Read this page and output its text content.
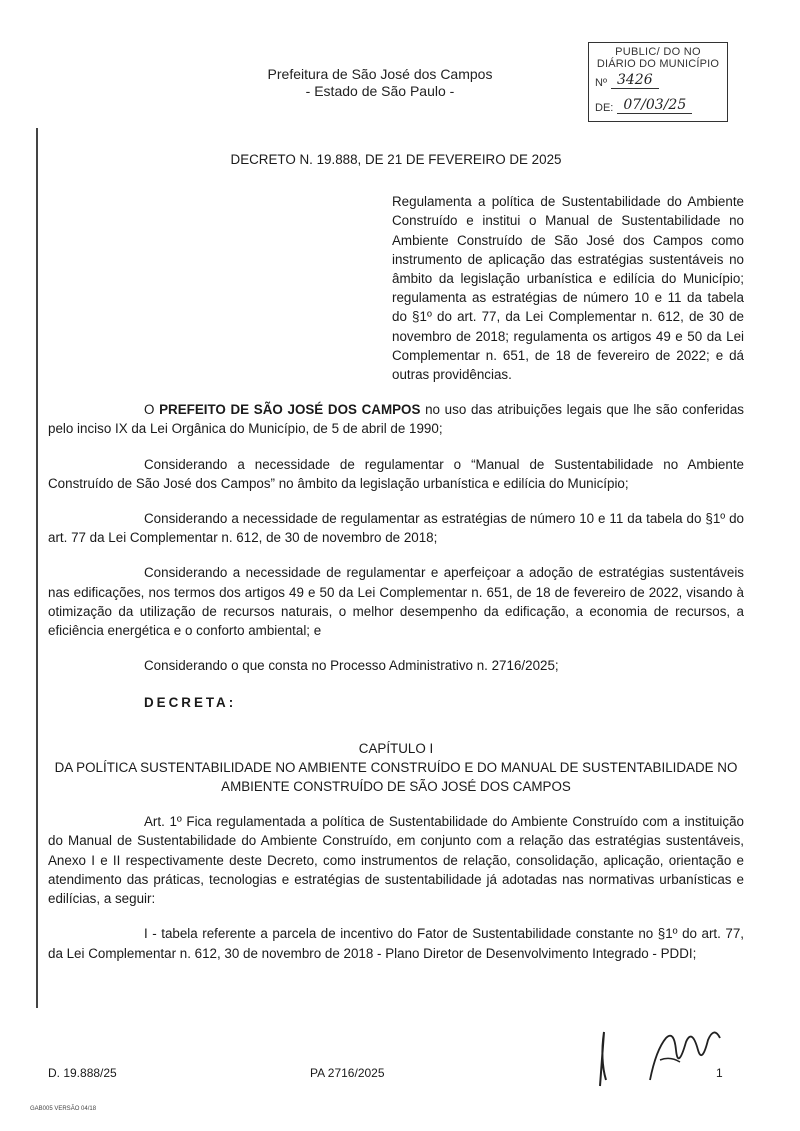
Prefeitura de São José dos Campos
- Estado de São Paulo -
PUBLIC/ DO NO
DIÁRIO DO MUNICÍPIO
Nº 3426
DE: 07/03/25

DECRETO N. 19.888, DE 21 DE FEVEREIRO DE 2025

Regulamenta a política de Sustentabilidade do Ambiente Construído e institui o Manual de Sustentabilidade no Ambiente Construído de São José dos Campos como instrumento de aplicação das estratégias sustentáveis no âmbito da legislação urbanística e edilícia do Município; regulamenta as estratégias de número 10 e 11 da tabela do §1º do art. 77, da Lei Complementar n. 612, de 30 de novembro de 2018; regulamenta os artigos 49 e 50 da Lei Complementar n. 651, de 18 de fevereiro de 2022; e dá outras providências.

O PREFEITO DE SÃO JOSÉ DOS CAMPOS no uso das atribuições legais que lhe são conferidas pelo inciso IX da Lei Orgânica do Município, de 5 de abril de 1990;

Considerando a necessidade de regulamentar o “Manual de Sustentabilidade no Ambiente Construído de São José dos Campos” no âmbito da legislação urbanística e edilícia do Município;

Considerando a necessidade de regulamentar as estratégias de número 10 e 11 da tabela do §1º do art. 77 da Lei Complementar n. 612, de 30 de novembro de 2018;

Considerando a necessidade de regulamentar e aperfeiçoar a adoção de estratégias sustentáveis nas edificações, nos termos dos artigos 49 e 50 da Lei Complementar n. 651, de 18 de fevereiro de 2022, visando à otimização da utilização de recursos naturais, o melhor desempenho da edificação, a economia de recursos, a eficiência energética e o conforto ambiental; e

Considerando o que consta no Processo Administrativo n. 2716/2025;

DECRETA:

CAPÍTULO I
DA POLÍTICA SUSTENTABILIDADE NO AMBIENTE CONSTRUÍDO E DO MANUAL DE SUSTENTABILIDADE NO AMBIENTE CONSTRUÍDO DE SÃO JOSÉ DOS CAMPOS

Art. 1º Fica regulamentada a política de Sustentabilidade do Ambiente Construído com a instituição do Manual de Sustentabilidade do Ambiente Construído, em conjunto com a relação das estratégias sustentáveis, Anexo I e II respectivamente deste Decreto, como instrumentos de relação, consolidação, aplicação, orientação e atendimento das práticas, tecnologias e estratégias de sustentabilidade já adotadas nas normativas urbanísticas e edilícias, a seguir:

I - tabela referente a parcela de incentivo do Fator de Sustentabilidade constante no §1º do art. 77, da Lei Complementar n. 612, 30 de novembro de 2018 - Plano Diretor de Desenvolvimento Integrado - PDDI;

D. 19.888/25	PA 2716/2025	1
GAB005 VERSÃO 04/18
